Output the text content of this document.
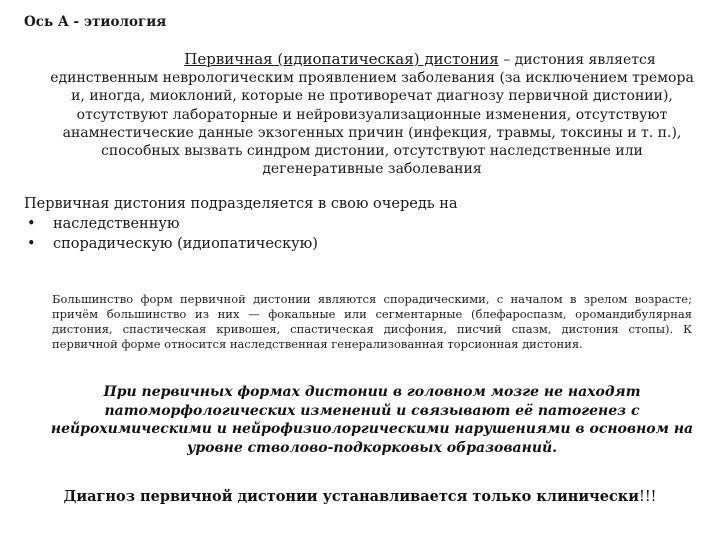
Ось А - этиология
Первичная (идиопатическая) дистония – дистония является
единственным неврологическим проявлением заболевания (за исключением тремора и, иногда, миоклоний, которые не противоречат диагнозу первичной дистонии), отсутствуют лабораторные и нейровизуализационные изменения, отсутствуют анамнестические данные экзогенных причин (инфекция, травмы, токсины и т. п.), способных вызвать синдром дистонии, отсутствуют наследственные или дегенеративные заболевания
Первичная дистония подразделяется в свою очередь на
• наследственную
• спорадическую (идиопатическую)
Большинство форм первичной дистонии являются спорадическими, с началом в зрелом возрасте; причём большинство из них — фокальные или сегментарные (блефароспазм, оромандибулярная дистония, спастическая кривошея, спастическая дисфония, писчий спазм, дистония стопы). К первичной форме относится наследственная генерализованная торсионная дистония.
При первичных формах дистонии в головном мозге не находят патоморфологических изменений и связывают её патогенез с нейрохимическими и нейрофизиолоргическими нарушениями в основном на уровне стволово-подкорковых образований.
Диагноз первичной дистонии устанавливается только клинически!!!
